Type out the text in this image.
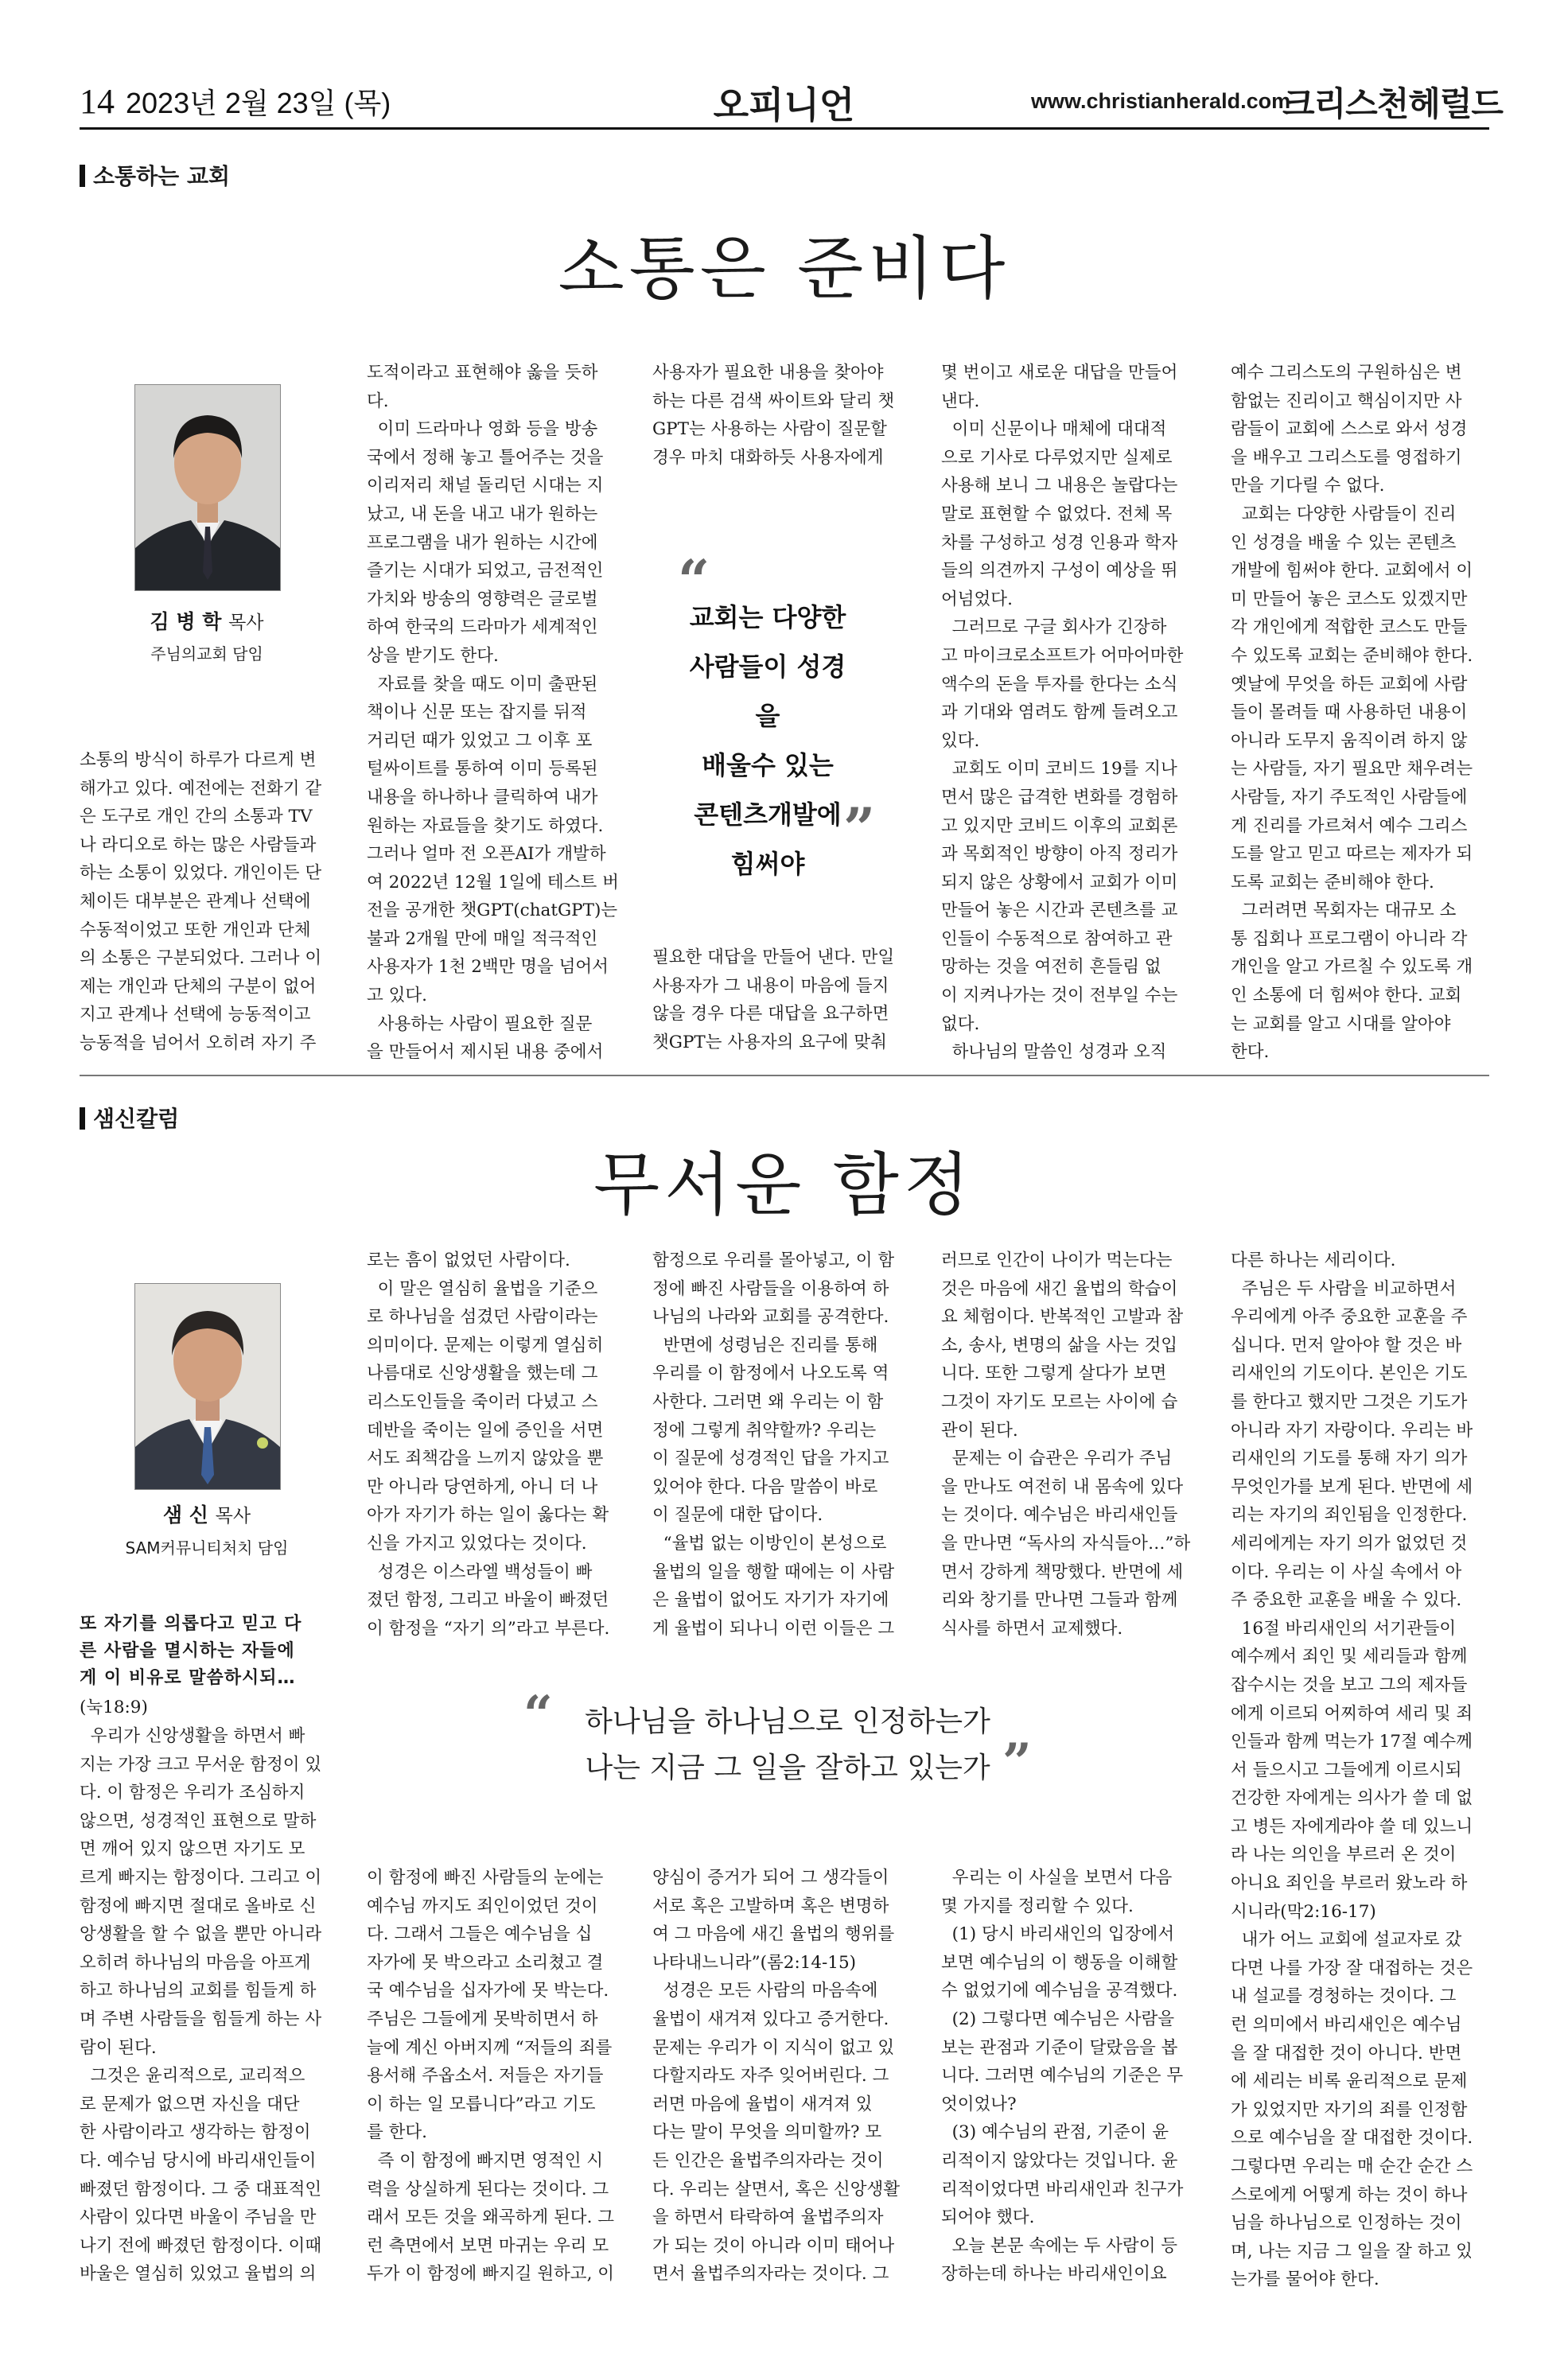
14 2023년 2월 23일 (목)	오피니언	www.christianherald.com
크리스천헤럴드
소통하는 교회
소통은 준비다
김 병 학 목사
주님의교회 담임
소통의 방식이 하루가 다르게 변
해가고 있다. 예전에는 전화기 같
은 도구로 개인 간의 소통과 TV
나 라디오로 하는 많은 사람들과
하는 소통이 있었다. 개인이든 단
체이든 대부분은 관계나 선택에
수동적이었고 또한 개인과 단체
의 소통은 구분되었다. 그러나 이
제는 개인과 단체의 구분이 없어
지고 관계나 선택에 능동적이고
능동적을 넘어서 오히려 자기 주
도적이라고 표현해야 옳을 듯하
다.
이미 드라마나 영화 등을 방송
국에서 정해 놓고 틀어주는 것을
이리저리 채널 돌리던 시대는 지
났고, 내 돈을 내고 내가 원하는
프로그램을 내가 원하는 시간에
즐기는 시대가 되었고, 금전적인
가치와 방송의 영향력은 글로벌
하여 한국의 드라마가 세계적인
상을 받기도 한다.
자료를 찾을 때도 이미 출판된
책이나 신문 또는 잡지를 뒤적
거리던 때가 있었고 그 이후 포
털싸이트를 통하여 이미 등록된
내용을 하나하나 클릭하여 내가
원하는 자료들을 찾기도 하였다.
그러나 얼마 전 오픈AI가 개발하
여 2022년 12월 1일에 테스트 버
전을 공개한 챗GPT(chatGPT)는
불과 2개월 만에 매일 적극적인
사용자가 1천 2백만 명을 넘어서
고 있다.
사용하는 사람이 필요한 질문
을 만들어서 제시된 내용 중에서
사용자가 필요한 내용을 찾아야
하는 다른 검색 싸이트와 달리 챗
GPT는 사용하는 사람이 질문할
경우 마치 대화하듯 사용자에게
“
교회는 다양한
사람들이 성경을
배울수 있는
콘텐츠개발에
힘써야
”
필요한 대답을 만들어 낸다. 만일
사용자가 그 내용이 마음에 들지
않을 경우 다른 대답을 요구하면
챗GPT는 사용자의 요구에 맞춰
몇 번이고 새로운 대답을 만들어
낸다.
이미 신문이나 매체에 대대적
으로 기사로 다루었지만 실제로
사용해 보니 그 내용은 놀랍다는
말로 표현할 수 없었다. 전체 목
차를 구성하고 성경 인용과 학자
들의 의견까지 구성이 예상을 뛰
어넘었다.
그러므로 구글 회사가 긴장하
고 마이크로소프트가 어마어마한
액수의 돈을 투자를 한다는 소식
과 기대와 염려도 함께 들려오고
있다.
교회도 이미 코비드 19를 지나
면서 많은 급격한 변화를 경험하
고 있지만 코비드 이후의 교회론
과 목회적인 방향이 아직 정리가
되지 않은 상황에서 교회가 이미
만들어 놓은 시간과 콘텐츠를 교
인들이 수동적으로 참여하고 관
망하는 것을 여전히 흔들림 없
이 지켜나가는 것이 전부일 수는
없다.
하나님의 말씀인 성경과 오직
예수 그리스도의 구원하심은 변
함없는 진리이고 핵심이지만 사
람들이 교회에 스스로 와서 성경
을 배우고 그리스도를 영접하기
만을 기다릴 수 없다.
교회는 다양한 사람들이 진리
인 성경을 배울 수 있는 콘텐츠
개발에 힘써야 한다. 교회에서 이
미 만들어 놓은 코스도 있겠지만
각 개인에게 적합한 코스도 만들
수 있도록 교회는 준비해야 한다.
옛날에 무엇을 하든 교회에 사람
들이 몰려들 때 사용하던 내용이
아니라 도무지 움직이려 하지 않
는 사람들, 자기 필요만 채우려는
사람들, 자기 주도적인 사람들에
게 진리를 가르쳐서 예수 그리스
도를 알고 믿고 따르는 제자가 되
도록 교회는 준비해야 한다.
그러려면 목회자는 대규모 소
통 집회나 프로그램이 아니라 각
개인을 알고 가르칠 수 있도록 개
인 소통에 더 힘써야 한다. 교회
는 교회를 알고 시대를 알아야
한다.
샘신칼럼
무서운 함정
샘 신 목사
SAM커뮤니티처치 담임
또 자기를 의롭다고 믿고 다
른 사람을 멸시하는 자들에
게 이 비유로 말씀하시되…
(눅18:9)
우리가 신앙생활을 하면서 빠
지는 가장 크고 무서운 함정이 있
다. 이 함정은 우리가 조심하지
않으면, 성경적인 표현으로 말하
면 깨어 있지 않으면 자기도 모
르게 빠지는 함정이다. 그리고 이
함정에 빠지면 절대로 올바로 신
앙생활을 할 수 없을 뿐만 아니라
오히려 하나님의 마음을 아프게
하고 하나님의 교회를 힘들게 하
며 주변 사람들을 힘들게 하는 사
람이 된다.
그것은 윤리적으로, 교리적으
로 문제가 없으면 자신을 대단
한 사람이라고 생각하는 함정이
다. 예수님 당시에 바리새인들이
빠졌던 함정이다. 그 중 대표적인
사람이 있다면 바울이 주님을 만
나기 전에 빠졌던 함정이다. 이때
바울은 열심히 있었고 율법의 의
로는 흠이 없었던 사람이다.
이 말은 열심히 율법을 기준으
로 하나님을 섬겼던 사람이라는
의미이다. 문제는 이렇게 열심히
나름대로 신앙생활을 했는데 그
리스도인들을 죽이러 다녔고 스
데반을 죽이는 일에 증인을 서면
서도 죄책감을 느끼지 않았을 뿐
만 아니라 당연하게, 아니 더 나
아가 자기가 하는 일이 옳다는 확
신을 가지고 있었다는 것이다.
성경은 이스라엘 백성들이 빠
졌던 함정, 그리고 바울이 빠졌던
이 함정을 “자기 의”라고 부른다.
함정으로 우리를 몰아넣고, 이 함
정에 빠진 사람들을 이용하여 하
나님의 나라와 교회를 공격한다.
반면에 성령님은 진리를 통해
우리를 이 함정에서 나오도록 역
사한다. 그러면 왜 우리는 이 함
정에 그렇게 취약할까? 우리는
이 질문에 성경적인 답을 가지고
있어야 한다. 다음 말씀이 바로
이 질문에 대한 답이다.
“율법 없는 이방인이 본성으로
율법의 일을 행할 때에는 이 사람
은 율법이 없어도 자기가 자기에
게 율법이 되나니 이런 이들은 그
러므로 인간이 나이가 먹는다는
것은 마음에 새긴 율법의 학습이
요 체험이다. 반복적인 고발과 참
소, 송사, 변명의 삶을 사는 것입
니다. 또한 그렇게 살다가 보면
그것이 자기도 모르는 사이에 습
관이 된다.
문제는 이 습관은 우리가 주님
을 만나도 여전히 내 몸속에 있다
는 것이다. 예수님은 바리새인들
을 만나면 “독사의 자식들아…”하
면서 강하게 책망했다. 반면에 세
리와 창기를 만나면 그들과 함께
식사를 하면서 교제했다.
“	하나님을 하나님으로 인정하는가
나는 지금 그 일을 잘하고 있는가 ”
이 함정에 빠진 사람들의 눈에는
예수님 까지도 죄인이었던 것이
다. 그래서 그들은 예수님을 십
자가에 못 박으라고 소리쳤고 결
국 예수님을 십자가에 못 박는다.
주님은 그들에게 못박히면서 하
늘에 계신 아버지께 “저들의 죄를
용서해 주옵소서. 저들은 자기들
이 하는 일 모릅니다”라고 기도
를 한다.
즉 이 함정에 빠지면 영적인 시
력을 상실하게 된다는 것이다. 그
래서 모든 것을 왜곡하게 된다. 그
런 측면에서 보면 마귀는 우리 모
두가 이 함정에 빠지길 원하고, 이
양심이 증거가 되어 그 생각들이
서로 혹은 고발하며 혹은 변명하
여 그 마음에 새긴 율법의 행위를
나타내느니라”(롬2:14-15)
성경은 모든 사람의 마음속에
율법이 새겨져 있다고 증거한다.
문제는 우리가 이 지식이 없고 있
다할지라도 자주 잊어버린다. 그
러면 마음에 율법이 새겨져 있
다는 말이 무엇을 의미할까? 모
든 인간은 율법주의자라는 것이
다. 우리는 살면서, 혹은 신앙생활
을 하면서 타락하여 율법주의자
가 되는 것이 아니라 이미 태어나
면서 율법주의자라는 것이다. 그
우리는 이 사실을 보면서 다음
몇 가지를 정리할 수 있다.
(1) 당시 바리새인의 입장에서
보면 예수님의 이 행동을 이해할
수 없었기에 예수님을 공격했다.
(2) 그렇다면 예수님은 사람을
보는 관점과 기준이 달랐음을 봅
니다. 그러면 예수님의 기준은 무
엇이었나?
(3) 예수님의 관점, 기준이 윤
리적이지 않았다는 것입니다. 윤
리적이었다면 바리새인과 친구가
되어야 했다.
오늘 본문 속에는 두 사람이 등
장하는데 하나는 바리새인이요
다른 하나는 세리이다.
주님은 두 사람을 비교하면서
우리에게 아주 중요한 교훈을 주
십니다. 먼저 알아야 할 것은 바
리새인의 기도이다. 본인은 기도
를 한다고 했지만 그것은 기도가
아니라 자기 자랑이다. 우리는 바
리새인의 기도를 통해 자기 의가
무엇인가를 보게 된다. 반면에 세
리는 자기의 죄인됨을 인정한다.
세리에게는 자기 의가 없었던 것
이다. 우리는 이 사실 속에서 아
주 중요한 교훈을 배울 수 있다.
16절 바리새인의 서기관들이
예수께서 죄인 및 세리들과 함께
잡수시는 것을 보고 그의 제자들
에게 이르되 어찌하여 세리 및 죄
인들과 함께 먹는가 17절 예수께
서 들으시고 그들에게 이르시되
건강한 자에게는 의사가 쓸 데 없
고 병든 자에게라야 쓸 데 있느니
라 나는 의인을 부르러 온 것이
아니요 죄인을 부르러 왔노라 하
시니라(막2:16-17)
내가 어느 교회에 설교자로 갔
다면 나를 가장 잘 대접하는 것은
내 설교를 경청하는 것이다. 그
런 의미에서 바리새인은 예수님
을 잘 대접한 것이 아니다. 반면
에 세리는 비록 윤리적으로 문제
가 있었지만 자기의 죄를 인정함
으로 예수님을 잘 대접한 것이다.
그렇다면 우리는 매 순간 순간 스
스로에게 어떻게 하는 것이 하나
님을 하나님으로 인정하는 것이
며, 나는 지금 그 일을 잘 하고 있
는가를 물어야 한다.
